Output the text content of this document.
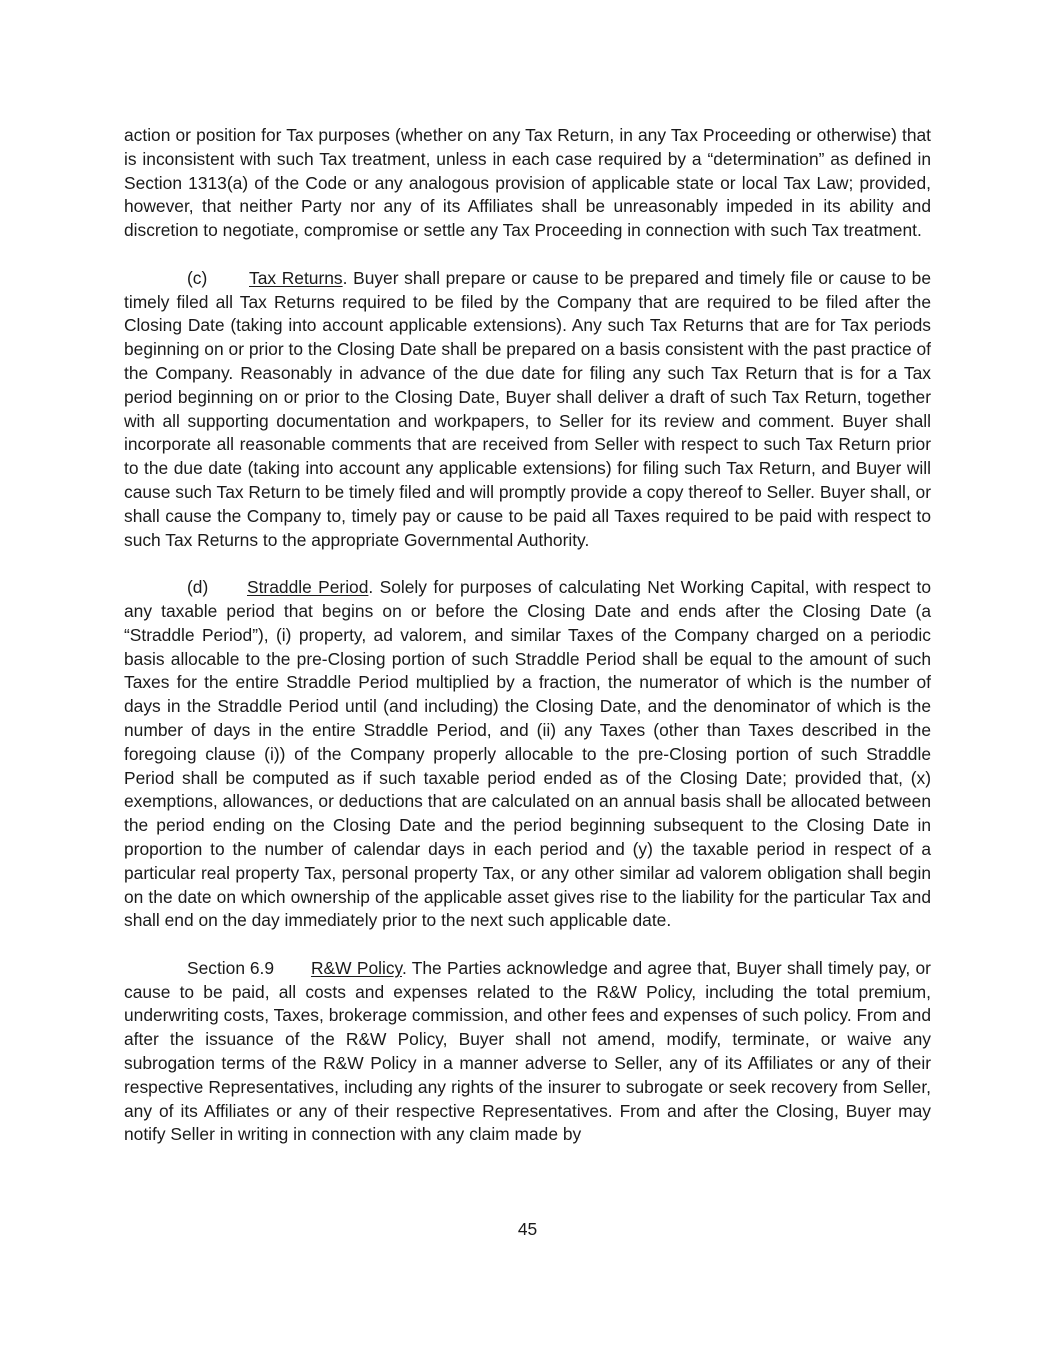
action or position for Tax purposes (whether on any Tax Return, in any Tax Proceeding or otherwise) that is inconsistent with such Tax treatment, unless in each case required by a “determination” as defined in Section 1313(a) of the Code or any analogous provision of applicable state or local Tax Law; provided, however, that neither Party nor any of its Affiliates shall be unreasonably impeded in its ability and discretion to negotiate, compromise or settle any Tax Proceeding in connection with such Tax treatment.

(c) Tax Returns. Buyer shall prepare or cause to be prepared and timely file or cause to be timely filed all Tax Returns required to be filed by the Company that are required to be filed after the Closing Date (taking into account applicable extensions). Any such Tax Returns that are for Tax periods beginning on or prior to the Closing Date shall be prepared on a basis consistent with the past practice of the Company. Reasonably in advance of the due date for filing any such Tax Return that is for a Tax period beginning on or prior to the Closing Date, Buyer shall deliver a draft of such Tax Return, together with all supporting documentation and workpapers, to Seller for its review and comment. Buyer shall incorporate all reasonable comments that are received from Seller with respect to such Tax Return prior to the due date (taking into account any applicable extensions) for filing such Tax Return, and Buyer will cause such Tax Return to be timely filed and will promptly provide a copy thereof to Seller. Buyer shall, or shall cause the Company to, timely pay or cause to be paid all Taxes required to be paid with respect to such Tax Returns to the appropriate Governmental Authority.

(d) Straddle Period. Solely for purposes of calculating Net Working Capital, with respect to any taxable period that begins on or before the Closing Date and ends after the Closing Date (a “Straddle Period”), (i) property, ad valorem, and similar Taxes of the Company charged on a periodic basis allocable to the pre-Closing portion of such Straddle Period shall be equal to the amount of such Taxes for the entire Straddle Period multiplied by a fraction, the numerator of which is the number of days in the Straddle Period until (and including) the Closing Date, and the denominator of which is the number of days in the entire Straddle Period, and (ii) any Taxes (other than Taxes described in the foregoing clause (i)) of the Company properly allocable to the pre-Closing portion of such Straddle Period shall be computed as if such taxable period ended as of the Closing Date; provided that, (x) exemptions, allowances, or deductions that are calculated on an annual basis shall be allocated between the period ending on the Closing Date and the period beginning subsequent to the Closing Date in proportion to the number of calendar days in each period and (y) the taxable period in respect of a particular real property Tax, personal property Tax, or any other similar ad valorem obligation shall begin on the date on which ownership of the applicable asset gives rise to the liability for the particular Tax and shall end on the day immediately prior to the next such applicable date.

Section 6.9 R&W Policy. The Parties acknowledge and agree that, Buyer shall timely pay, or cause to be paid, all costs and expenses related to the R&W Policy, including the total premium, underwriting costs, Taxes, brokerage commission, and other fees and expenses of such policy. From and after the issuance of the R&W Policy, Buyer shall not amend, modify, terminate, or waive any subrogation terms of the R&W Policy in a manner adverse to Seller, any of its Affiliates or any of their respective Representatives, including any rights of the insurer to subrogate or seek recovery from Seller, any of its Affiliates or any of their respective Representatives. From and after the Closing, Buyer may notify Seller in writing in connection with any claim made by

45
